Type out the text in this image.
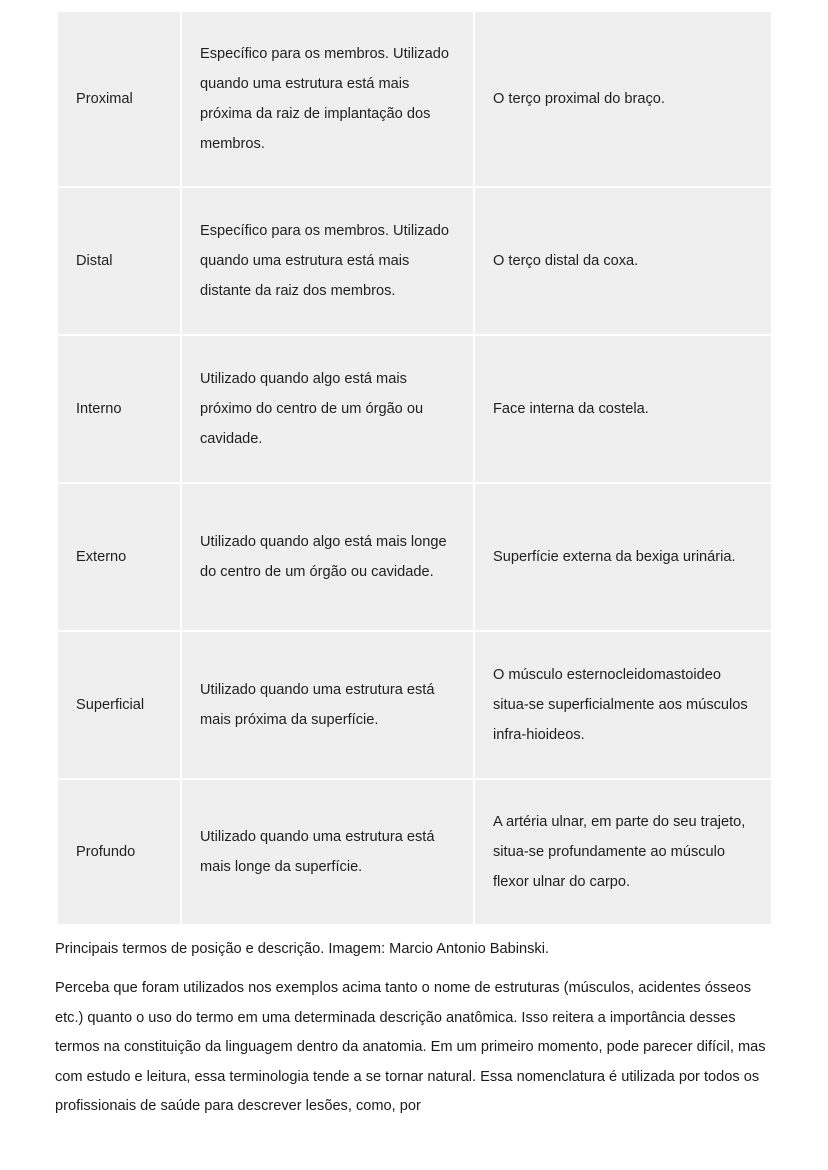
Proximal	Específico para os membros. Utilizado quando uma estrutura está mais próxima da raiz de implantação dos membros.	O terço proximal do braço.
Distal	Específico para os membros. Utilizado quando uma estrutura está mais distante da raiz dos membros.	O terço distal da coxa.
Interno	Utilizado quando algo está mais próximo do centro de um órgão ou cavidade.	Face interna da costela.
Externo	Utilizado quando algo está mais longe do centro de um órgão ou cavidade.	Superfície externa da bexiga urinária.
Superficial	Utilizado quando uma estrutura está mais próxima da superfície.	O músculo esternocleidomastoideo situa-se superficialmente aos músculos infra-hioideos.
Profundo	Utilizado quando uma estrutura está mais longe da superfície.	A artéria ulnar, em parte do seu trajeto, situa-se profundamente ao músculo flexor ulnar do carpo.

Principais termos de posição e descrição. Imagem: Marcio Antonio Babinski.

Perceba que foram utilizados nos exemplos acima tanto o nome de estruturas (músculos, acidentes ósseos etc.) quanto o uso do termo em uma determinada descrição anatômica. Isso reitera a importância desses termos na constituição da linguagem dentro da anatomia. Em um primeiro momento, pode parecer difícil, mas com estudo e leitura, essa terminologia tende a se tornar natural. Essa nomenclatura é utilizada por todos os profissionais de saúde para descrever lesões, como, por
